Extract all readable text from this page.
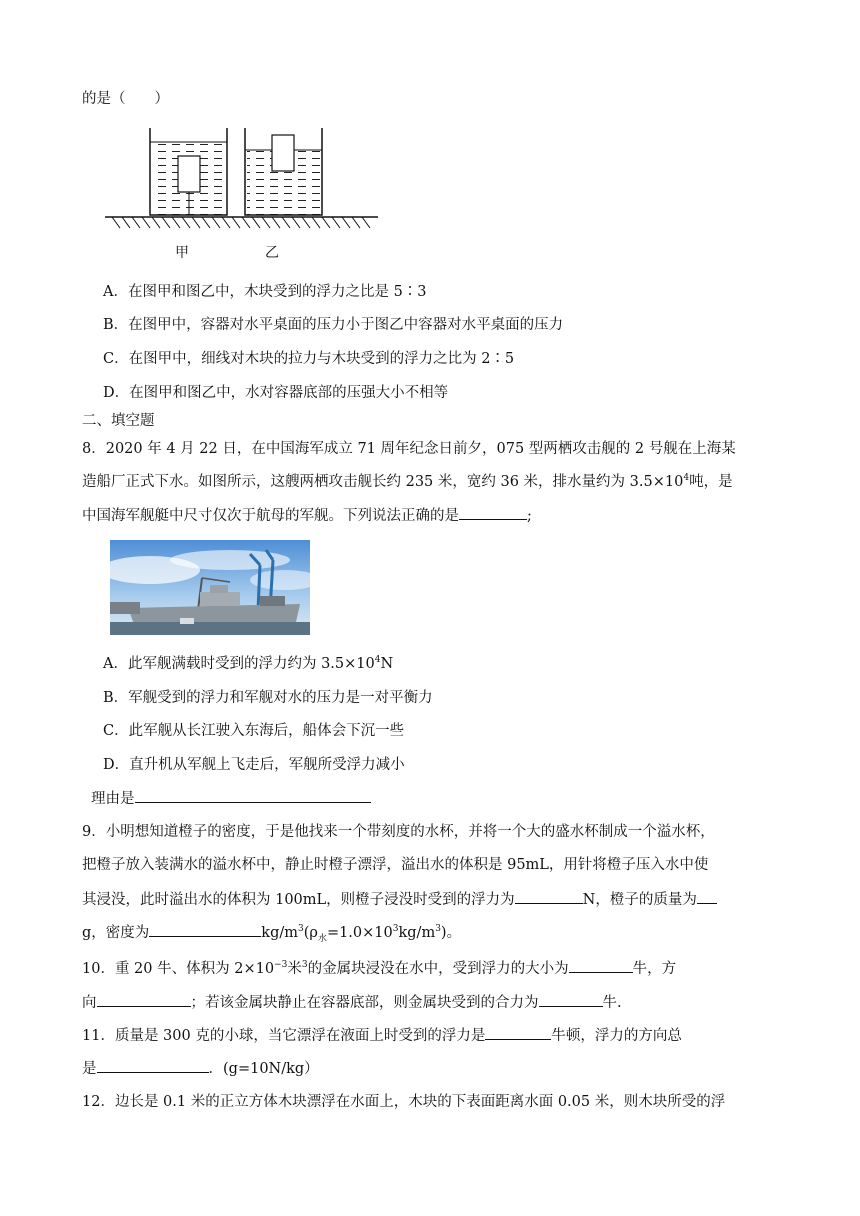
的是（　　）
甲	乙
A．在图甲和图乙中，木块受到的浮力之比是 5∶3
B．在图甲中，容器对水平桌面的压力小于图乙中容器对水平桌面的压力
C．在图甲中，细线对木块的拉力与木块受到的浮力之比为 2∶5
D．在图甲和图乙中，水对容器底部的压强大小不相等
二、填空题
8．2020 年 4 月 22 日，在中国海军成立 71 周年纪念日前夕，075 型两栖攻击舰的 2 号舰在上海某
造船厂正式下水。如图所示，这艘两栖攻击舰长约 235 米，宽约 36 米，排水量约为 $3.5\times 10^4$吨，是
中国海军舰艇中尺寸仅次于航母的军舰。下列说法正确的是	;
A．此军舰满载时受到的浮力约为 $3.5\times 10^4N$
B．军舰受到的浮力和军舰对水的压力是一对平衡力
C．此军舰从长江驶入东海后，船体会下沉一些
D．直升机从军舰上飞走后，军舰所受浮力减小
理由是
9．小明想知道橙子的密度，于是他找来一个带刻度的水杯，并将一个大的盛水杯制成一个溢水杯，
把橙子放入装满水的溢水杯中，静止时橙子漂浮，溢出水的体积是 95mL，用针将橙子压入水中使
其浸没，此时溢出水的体积为 100mL，则橙子浸没时受到的浮力为	N，橙子的质量为
g，密度为	$kg/m^3(\rho_水=1.0\times 10^3kg/m^3)$。
10．重 20 牛、体积为 $2\times 10^{-3}$米$^3$的金属块浸没在水中，受到浮力的大小为	牛，方
向	；若该金属块静止在容器底部，则金属块受到的合力为	牛.
11．质量是 300 克的小球，当它漂浮在液面上时受到的浮力是	牛顿，浮力的方向总
是	．(g=10N/kg）
12．边长是 0.1 米的正立方体木块漂浮在水面上，木块的下表面距离水面 0.05 米，则木块所受的浮
